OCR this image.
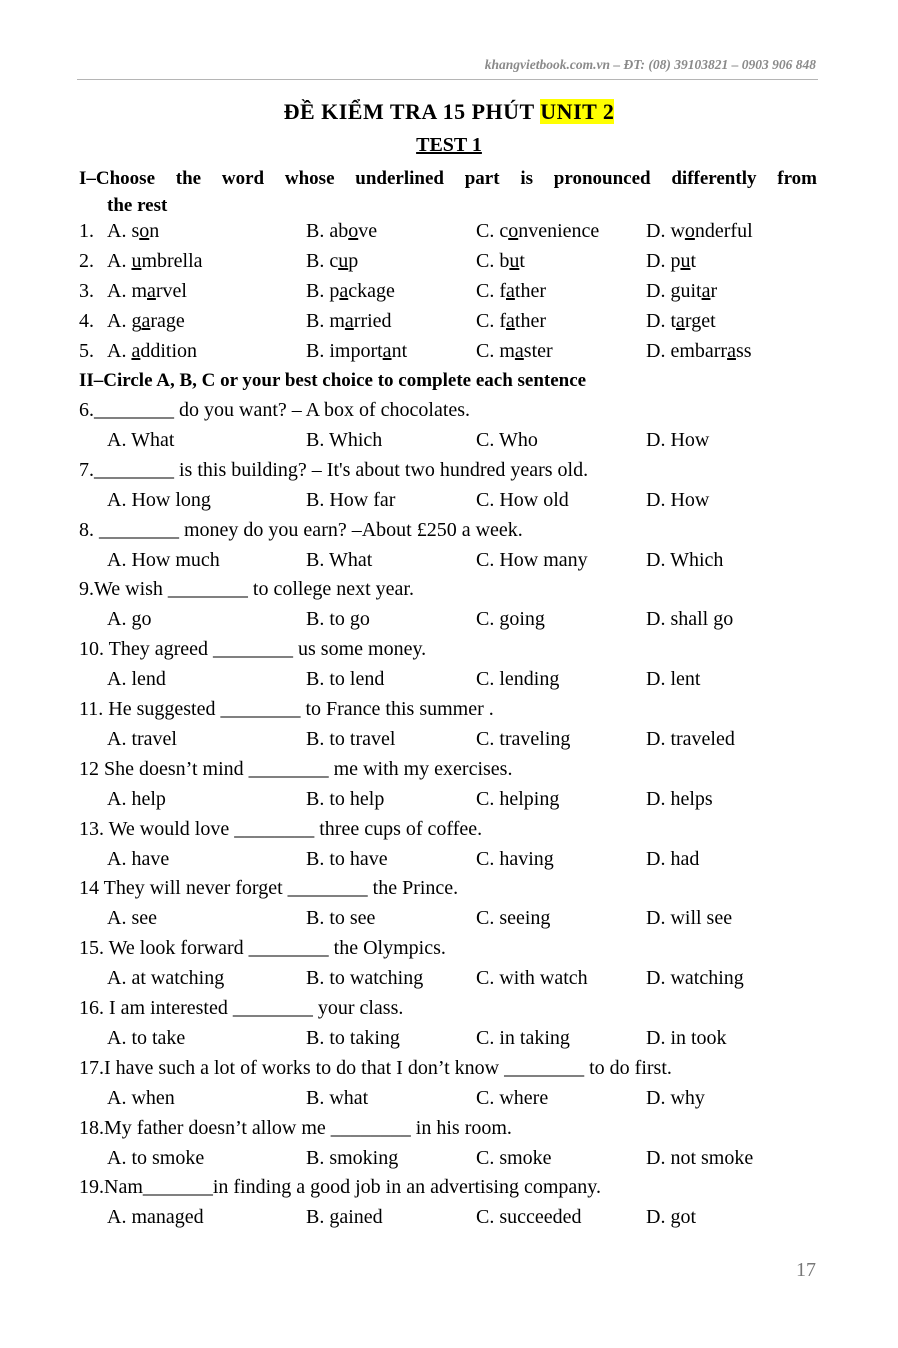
khangvietbook.com.vn – ĐT: (08) 39103821 – 0903 906 848
ĐỀ KIỂM TRA 15 PHÚT UNIT 2
TEST 1
I–Choose the word whose underlined part is pronounced differently from
the rest
1. A. son	B. above	C. convenience D. wonderful
2. A. umbrella	B. cup	C. but	D. put
3. A. marvel	B. package	C. father	D. guitar
4. A. garage	B. married	C. father	D. target
5. A. addition	B. important	C. master	D. embarrass
II–Circle A, B, C or your best choice to complete each sentence
6.________ do you want? – A box of chocolates.
A. What	B. Which	C. Who	D. How
7.________ is this building? – It's about two hundred years old.
A. How long	B. How far	C. How old	D. How
8. ________ money do you earn? –About £250 a week.
A. How much	B. What	C. How many	D. Which
9.We wish ________ to college next year.
A. go	B. to go	C. going	D. shall go
10. They agreed ________ us some money.
A. lend	B. to lend	C. lending	D. lent
11. He suggested ________ to France this summer .
A. travel	B. to travel	C. traveling	D. traveled
12 She doesn’t mind ________ me with my exercises.
A. help	B. to help	C. helping	D. helps
13. We would love ________ three cups of coffee.
A. have	B. to have	C. having	D. had
14 They will never forget ________ the Prince.
A. see	B. to see	C. seeing	D. will see
15. We look forward ________ the Olympics.
A. at watching	B. to watching	C. with watch	D. watching
16. I am interested ________ your class.
A. to take	B. to taking	C. in taking	D. in took
17.I have such a lot of works to do that I don’t know ________ to do first.
A. when	B. what	C. where	D. why
18.My father doesn’t allow me ________ in his room.
A. to smoke	B. smoking	C. smoke	D. not smoke
19.Nam_______in finding a good job in an advertising company.
A. managed	B. gained	C. succeeded	D. got
17
